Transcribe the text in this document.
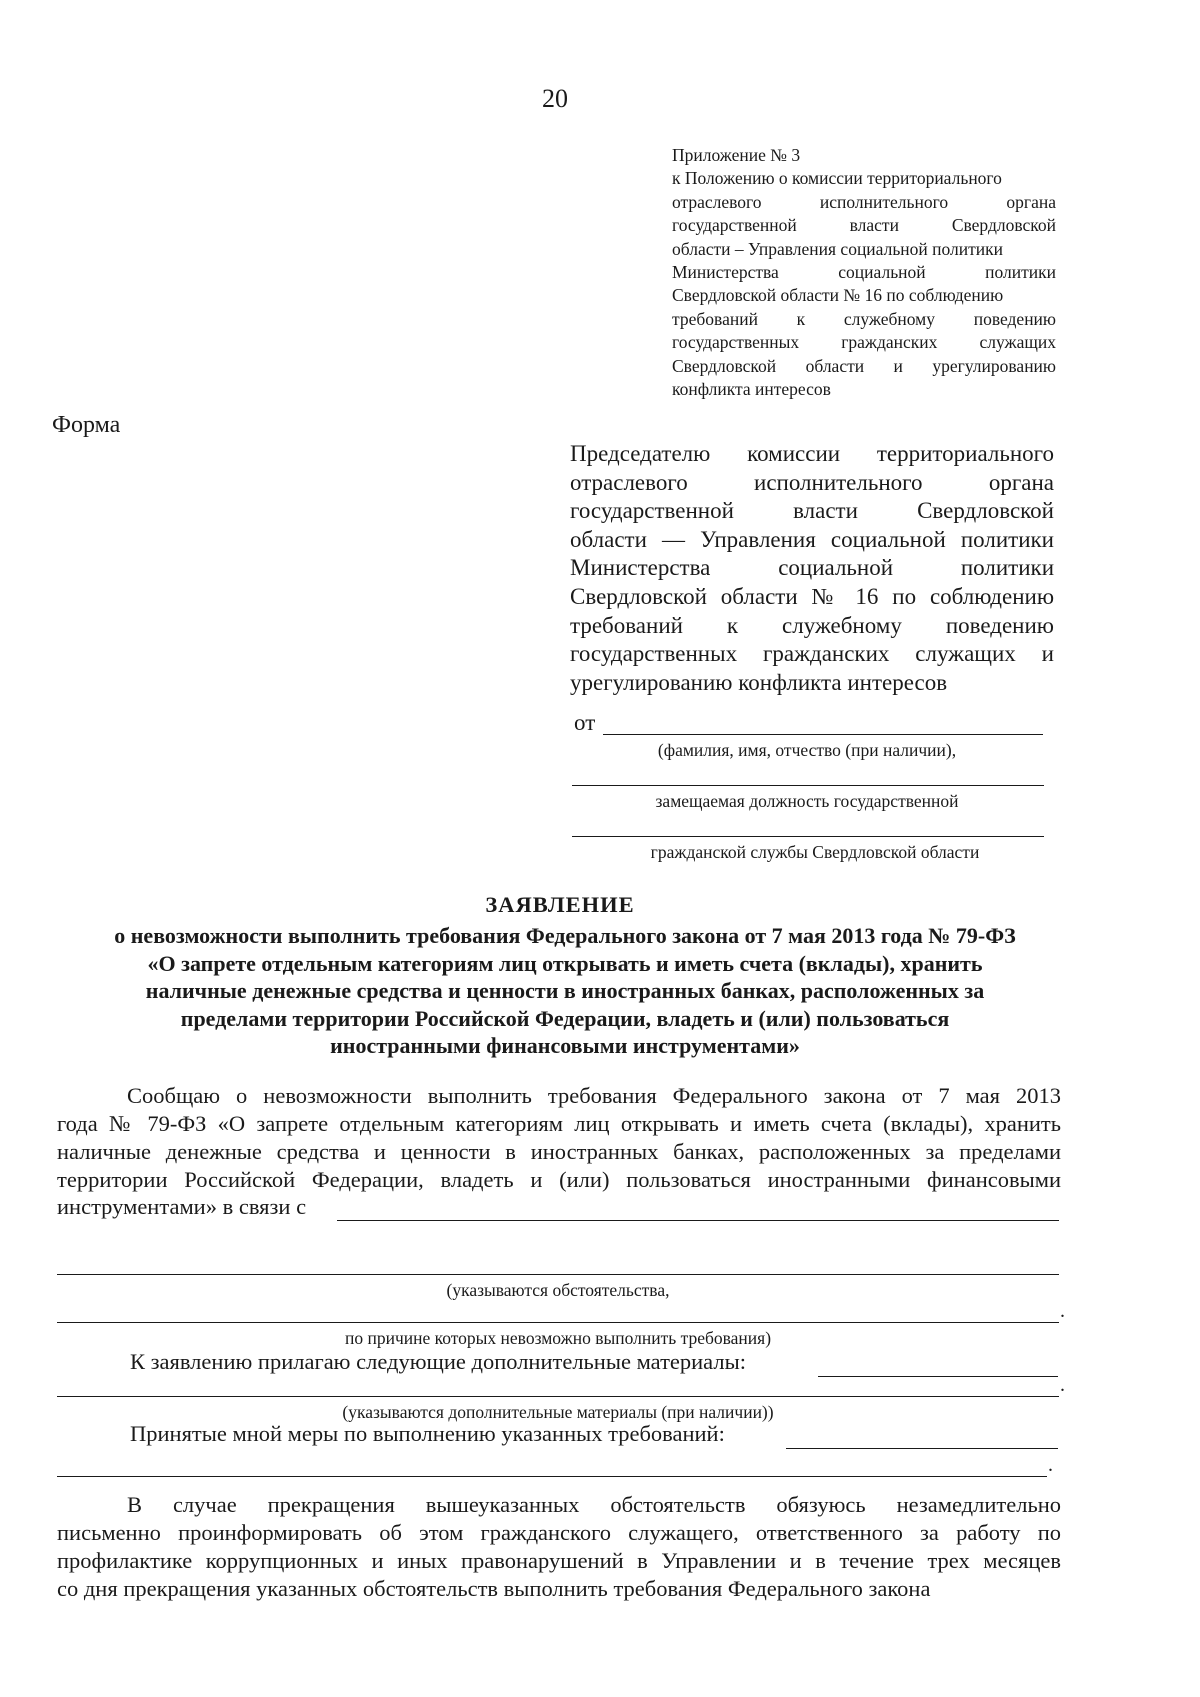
20
Приложение № 3
к Положению о комиссии территориального
отраслевого исполнительного органа
государственной власти Свердловской
области – Управления социальной политики
Министерства социальной политики
Свердловской области № 16 по соблюдению
требований к служебному поведению
государственных гражданских служащих
Свердловской области и урегулированию
конфликта интересов
Форма
Председателю комиссии территориального
отраслевого исполнительного органа
государственной власти Свердловской
области — Управления социальной политики
Министерства социальной политики
Свердловской области № 16 по соблюдению
требований к служебному поведению
государственных гражданских служащих и
урегулированию конфликта интересов
от
(фамилия, имя, отчество (при наличии),
замещаемая должность государственной
гражданской службы Свердловской области
ЗАЯВЛЕНИЕ
о невозможности выполнить требования Федерального закона от 7 мая 2013 года № 79-ФЗ
«О запрете отдельным категориям лиц открывать и иметь счета (вклады), хранить
наличные денежные средства и ценности в иностранных банках, расположенных за
пределами территории Российской Федерации, владеть и (или) пользоваться
иностранными финансовыми инструментами»
Сообщаю о невозможности выполнить требования Федерального закона от 7 мая 2013
года № 79-ФЗ «О запрете отдельным категориям лиц открывать и иметь счета (вклады), хранить
наличные денежные средства и ценности в иностранных банках, расположенных за пределами
территории Российской Федерации, владеть и (или) пользоваться иностранными финансовыми
инструментами» в связи с
(указываются обстоятельства,
.
по причине которых невозможно выполнить требования)
К заявлению прилагаю следующие дополнительные материалы:
.
(указываются дополнительные материалы (при наличии))
Принятые мной меры по выполнению указанных требований:
.
В случае прекращения вышеуказанных обстоятельств обязуюсь незамедлительно
письменно проинформировать об этом гражданского служащего, ответственного за работу по
профилактике коррупционных и иных правонарушений в Управлении и в течение трех месяцев
со дня прекращения указанных обстоятельств выполнить требования Федерального закона
